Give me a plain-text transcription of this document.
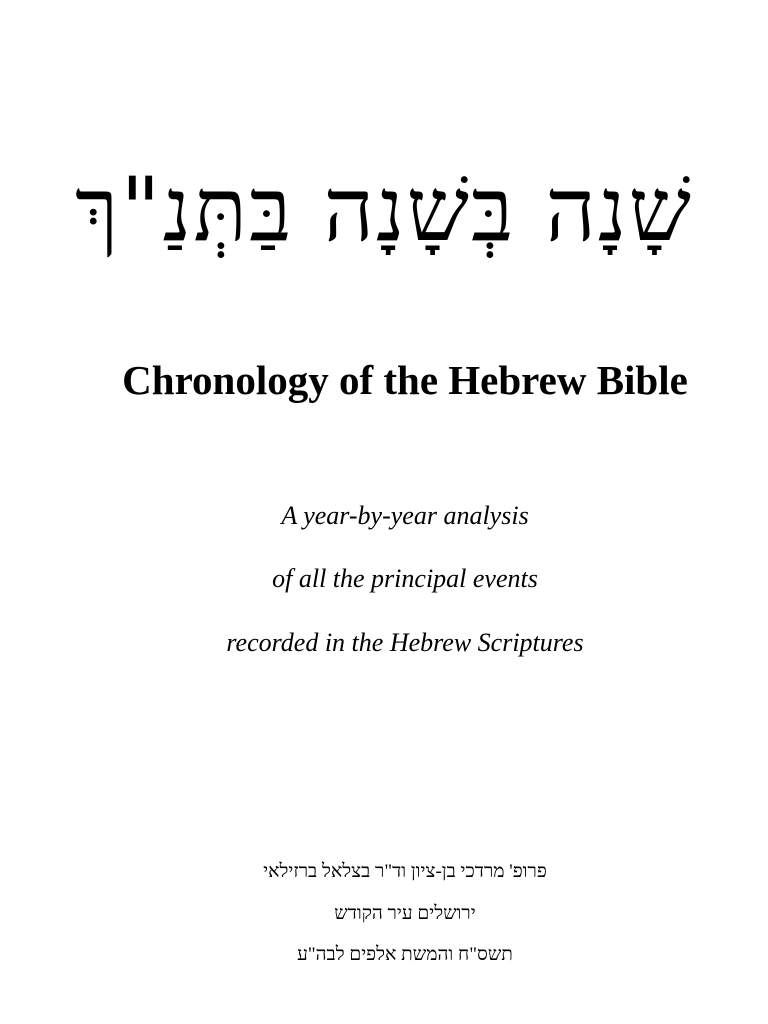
שָׁנָה בְּשָׁנָה בַּתְּנַ"ךְ
Chronology of the Hebrew Bible
A year-by-year analysis
of all the principal events
recorded in the Hebrew Scriptures
פרופ' מרדכי בן-ציון וד"ר בצלאל ברזילאי
ירושלים עיר הקודש
תשס"ח והמשת אלפים לבה"ע
